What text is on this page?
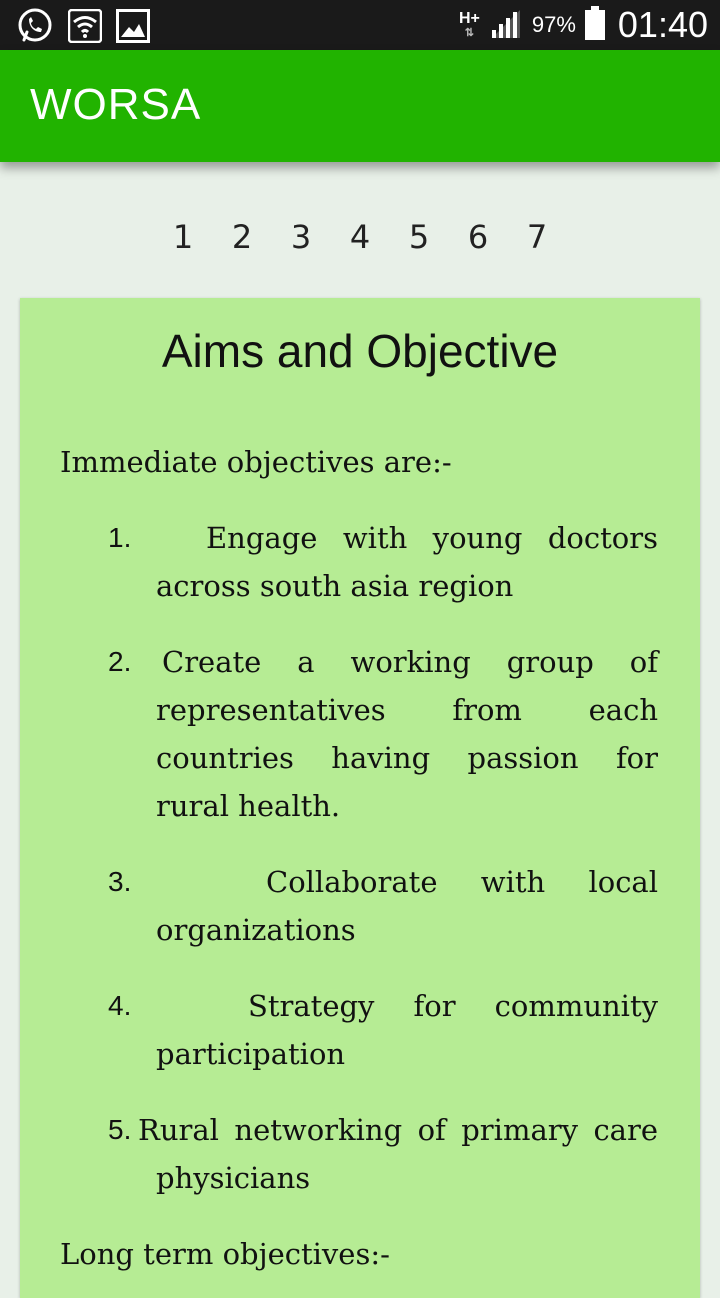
H+
⇅	97% 01:40
WORSA
1 2 3 4 5 6 7
Aims and Objective
Immediate objectives are:-
1.	Engage with young doctors
across south asia region
2.	Create a working group of
representatives from each
countries having passion for
rural health.
3.	Collaborate with local
organizations
4.	Strategy for community
participation
5. Rural networking of primary care
physicians
Long term objectives:-
